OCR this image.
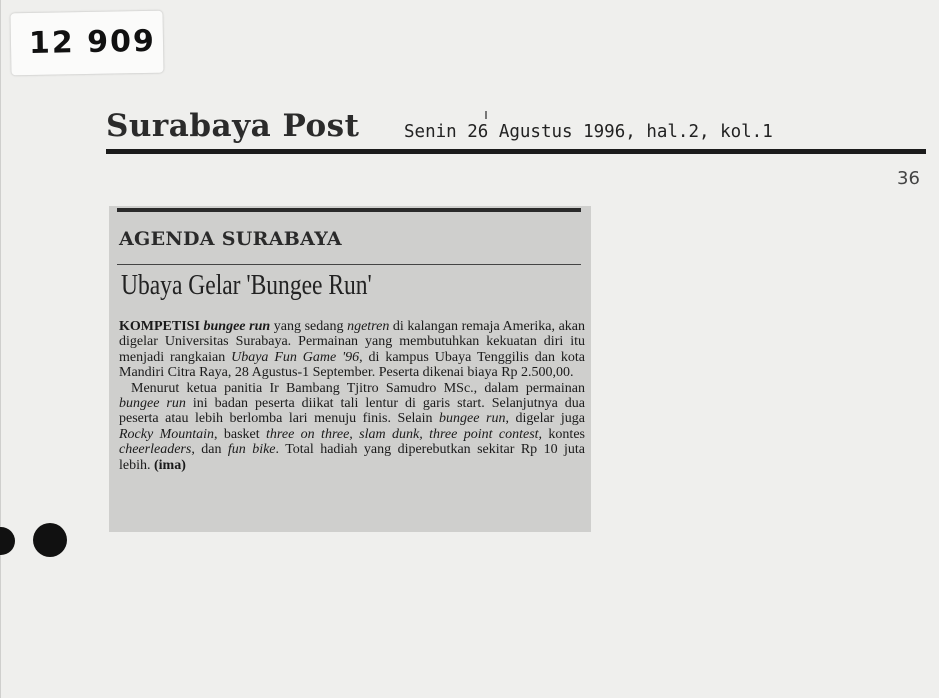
12 909
Surabaya Post	Senin 26 Agustus 1996, hal.2, kol.1
36
AGENDA SURABAYA
Ubaya Gelar 'Bungee Run'

KOMPETISI bungee run yang sedang ngetren di kalangan remaja Amerika, akan digelar Universitas Surabaya. Permainan yang membutuhkan kekuatan diri itu menjadi rangkaian Ubaya Fun Game '96, di kampus Ubaya Tenggilis dan kota Mandiri Citra Raya, 28 Agustus-1 September. Peserta dikenai biaya Rp 2.500,00.

Menurut ketua panitia Ir Bambang Tjitro Samudro MSc., dalam permainan bungee run ini badan peserta diikat tali lentur di garis start. Selanjutnya dua peserta atau lebih berlomba lari menuju finis. Selain bungee run, digelar juga Rocky Mountain, basket three on three, slam dunk, three point contest, kontes cheerleaders, dan fun bike. Total hadiah yang diperebutkan sekitar Rp 10 juta lebih. (ima)
